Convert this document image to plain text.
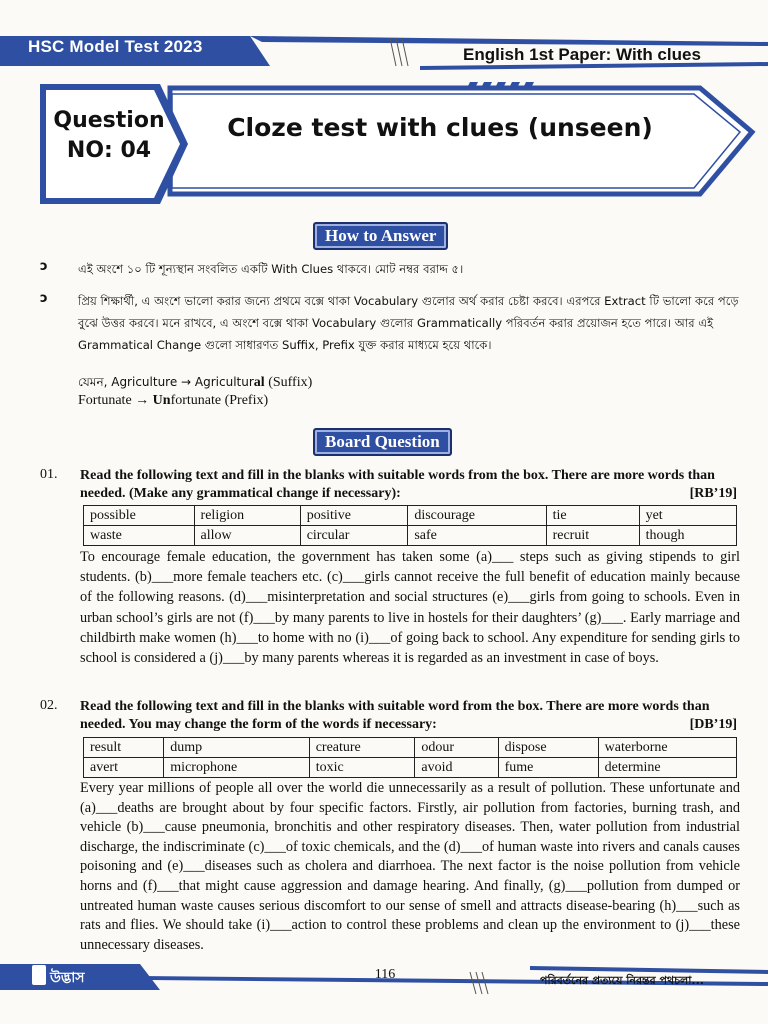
HSC Model Test 2023	English 1st Paper: With clues
Question
NO: 04
Cloze test with clues (unseen)
How to Answer
ↄ	এই অংশে ১০ টি শূন্যস্থান সংবলিত একটি With Clues থাকবে। মোট নম্বর বরাদ্দ ৫।
ↄ	প্রিয় শিক্ষার্থী, এ অংশে ভালো করার জন্যে প্রথমে বক্সে থাকা Vocabulary গুলোর অর্থ করার চেষ্টা করবে। এরপরে Extract টি ভালো করে পড়ে বুঝে উত্তর করবে। মনে রাখবে, এ অংশে বক্সে থাকা Vocabulary গুলোর Grammatically পরিবর্তন করার প্রয়োজন হতে পারে। আর এই Grammatical Change গুলো সাধারণত Suffix, Prefix যুক্ত করার মাধ্যমে হয়ে থাকে।
যেমন, Agriculture → Agricultural (Suffix)
Fortunate → Unfortunate (Prefix)
Board Question
01. Read the following text and fill in the blanks with suitable words from the box. There are more words than needed. (Make any grammatical change if necessary):	[RB’19]
possible	religion	positive	discourage	tie	yet
waste	allow	circular	safe	recruit	though
To encourage female education, the government has taken some (a)___ steps such as giving stipends to girl students. (b)___more female teachers etc. (c)___girls cannot receive the full benefit of education mainly because of the following reasons. (d)___misinterpretation and social structures (e)___girls from going to schools. Even in urban school’s girls are not (f)___by many parents to live in hostels for their daughters’ (g)___. Early marriage and childbirth make women (h)___to home with no (i)___of going back to school. Any expenditure for sending girls to school is considered a (j)___by many parents whereas it is regarded as an investment in case of boys.
02. Read the following text and fill in the blanks with suitable word from the box. There are more words than needed. You may change the form of the words if necessary:	[DB’19]
result	dump	creature	odour	dispose	waterborne
avert	microphone	toxic	avoid	fume	determine
Every year millions of people all over the world die unnecessarily as a result of pollution. These unfortunate and (a)___deaths are brought about by four specific factors. Firstly, air pollution from factories, burning trash, and vehicle (b)___cause pneumonia, bronchitis and other respiratory diseases. Then, water pollution from industrial discharge, the indiscriminate (c)___of toxic chemicals, and the (d)___of human waste into rivers and canals causes poisoning and (e)___diseases such as cholera and diarrhoea. The next factor is the noise pollution from vehicle horns and (f)___that might cause aggression and damage hearing. And finally, (g)___pollution from dumped or untreated human waste causes serious discomfort to our sense of smell and attracts disease-bearing (h)___such as rats and flies. We should take (i)___action to control these problems and clean up the environment to (j)___these unnecessary diseases.
উদ্ভাস	116	পরিবর্তনের প্রত্যয়ে নিরন্তর পথচলা...
